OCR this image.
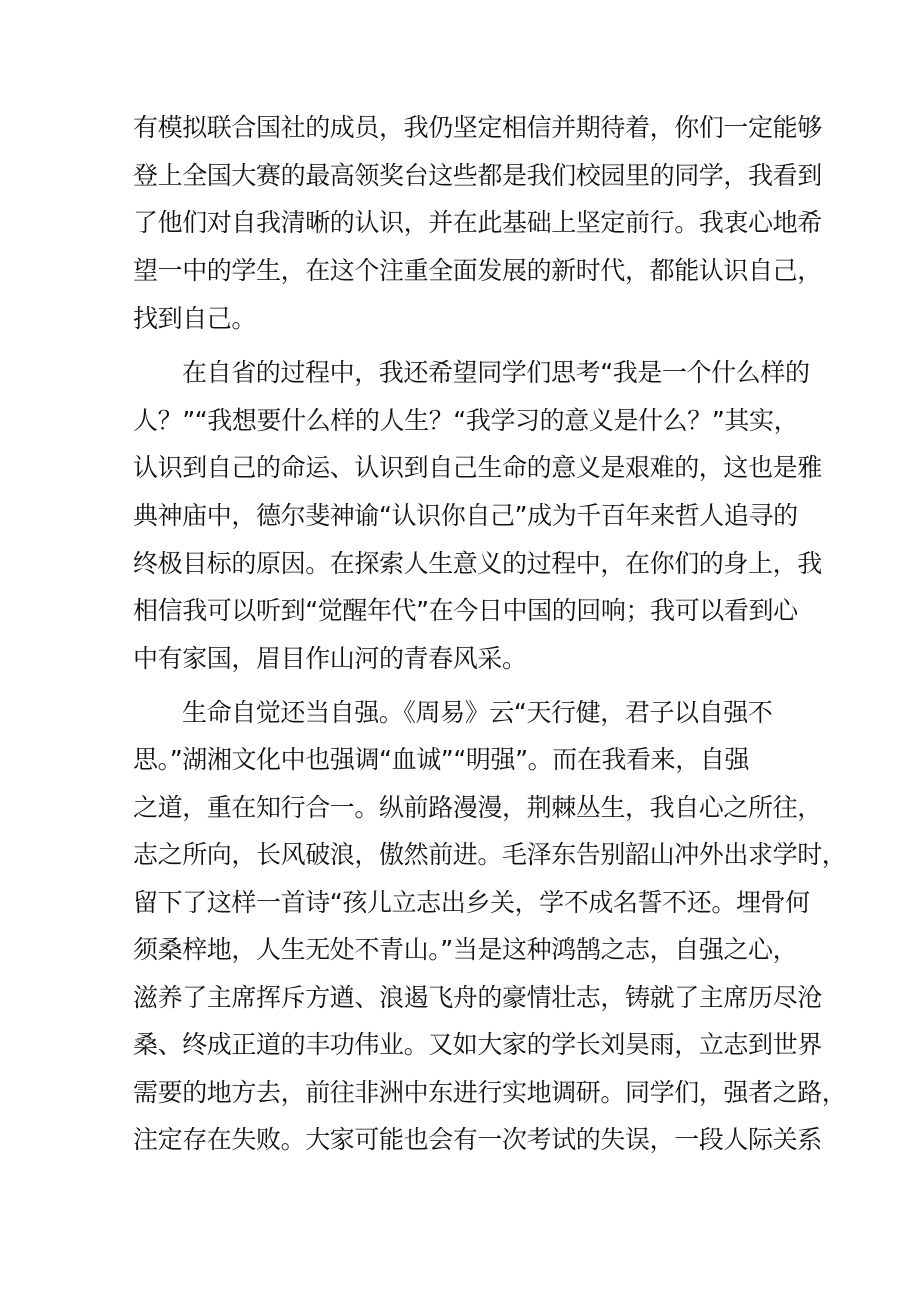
有模拟联合国社的成员，我仍坚定相信并期待着，你们一定能够
登上全国大赛的最高领奖台这些都是我们校园里的同学，我看到
了他们对自我清晰的认识，并在此基础上坚定前行。我衷心地希
望一中的学生，在这个注重全面发展的新时代，都能认识自己，
找到自己。
在自省的过程中，我还希望同学们思考“我是一个什么样的
人？”“我想要什么样的人生？“我学习的意义是什么？”其实，
认识到自己的命运、认识到自己生命的意义是艰难的，这也是雅
典神庙中，德尔斐神谕“认识你自己”成为千百年来哲人追寻的
终极目标的原因。在探索人生意义的过程中，在你们的身上，我
相信我可以听到“觉醒年代”在今日中国的回响；我可以看到心
中有家国，眉目作山河的青春风采。
生命自觉还当自强。《周易》云“天行健，君子以自强不
思。”湖湘文化中也强调“血诚”“明强”。而在我看来，自强
之道，重在知行合一。纵前路漫漫，荆棘丛生，我自心之所往，
志之所向，长风破浪，傲然前进。毛泽东告别韶山冲外出求学时，
留下了这样一首诗“孩儿立志出乡关，学不成名誓不还。埋骨何
须桑梓地，人生无处不青山。”当是这种鸿鹄之志，自强之心，
滋养了主席挥斥方遒、浪遏飞舟的豪情壮志，铸就了主席历尽沧
桑、终成正道的丰功伟业。又如大家的学长刘昊雨，立志到世界
需要的地方去，前往非洲中东进行实地调研。同学们，强者之路，
注定存在失败。大家可能也会有一次考试的失误，一段人际关系
